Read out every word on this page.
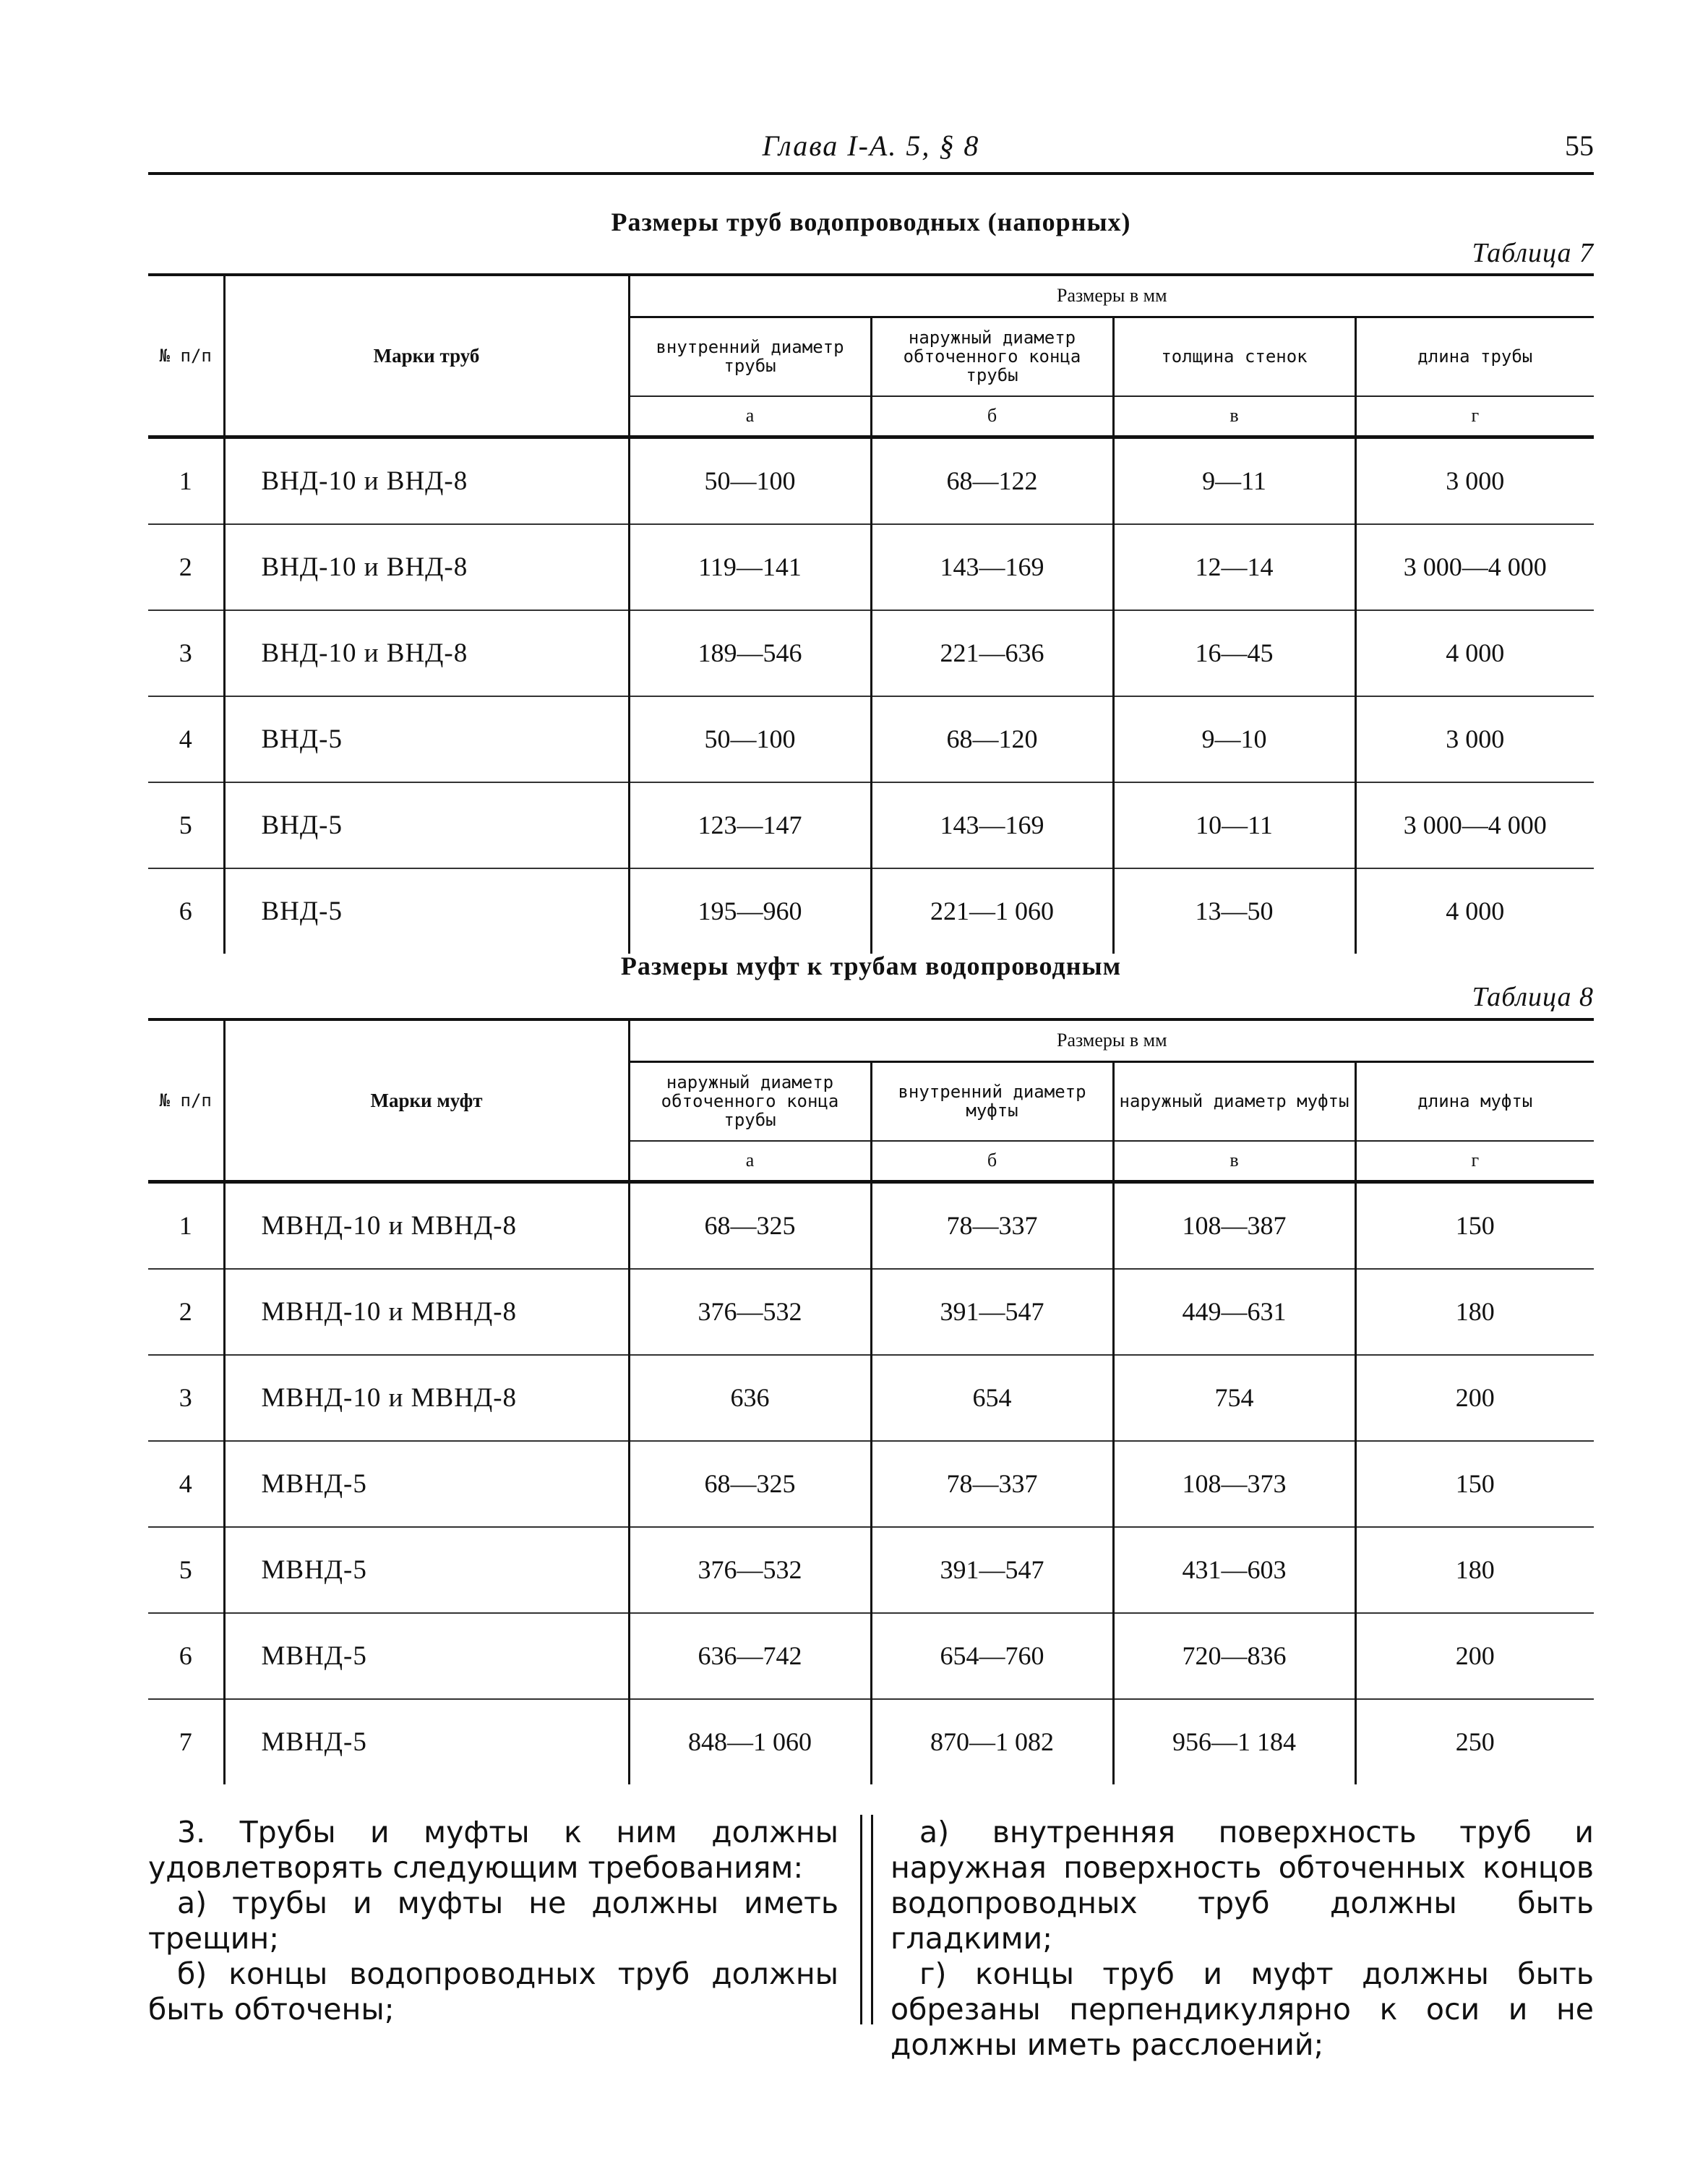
Глава I-А. 5, § 8	55
Размеры труб водопроводных (напорных)
Таблица 7
№ п/п	Марки труб	Размеры в мм			
		внутренний диаметр трубы	наружный диаметр обточенного конца трубы	толщина стенок	длина трубы
		а	б	в	г
1	ВНД-10 и ВНД-8	50—100	68—122	9—11	3 000
2	ВНД-10 и ВНД-8	119—141	143—169	12—14	3 000—4 000
3	ВНД-10 и ВНД-8	189—546	221—636	16—45	4 000
4	ВНД-5	50—100	68—120	9—10	3 000
5	ВНД-5	123—147	143—169	10—11	3 000—4 000
6	ВНД-5	195—960	221—1 060	13—50	4 000
Размеры муфт к трубам водопроводным
Таблица 8
№ п/п	Марки муфт	Размеры в мм			
		наружный диаметр обточенного конца трубы	внутренний диаметр муфты	наружный диаметр муфты	длина муфты
		а	б	в	г
1	МВНД-10 и МВНД-8	68—325	78—337	108—387	150
2	МВНД-10 и МВНД-8	376—532	391—547	449—631	180
3	МВНД-10 и МВНД-8	636	654	754	200
4	МВНД-5	68—325	78—337	108—373	150
5	МВНД-5	376—532	391—547	431—603	180
6	МВНД-5	636—742	654—760	720—836	200
7	МВНД-5	848—1 060	870—1 082	956—1 184	250

3. Трубы и муфты к ним должны удовлетворять следующим требованиям:

а) трубы и муфты не должны иметь трещин;

б) концы водопроводных труб должны быть обточены;

а) внутренняя поверхность труб и наружная поверхность обточенных концов водопроводных труб должны быть гладкими;

г) концы труб и муфт должны быть обрезаны перпендикулярно к оси и не должны иметь расслоений;
